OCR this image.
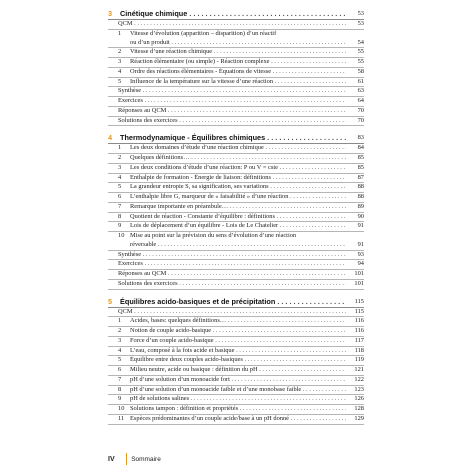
3	Cinétique chimique . . .	53
QCM . . .	53
1	Vitesse d’évolution (apparition – disparition) d’un réactif
ou d’un produit . . .	54
2	Vitesse d’une réaction chimique . . .	55
3	Réaction élémentaire (ou simple) - Réaction complexe . . .	55
4	Ordre des réactions élémentaires - Équations de vitesse . . .	58
5	Influence de la température sur la vitesse d’une réaction . . .	61
Synthèse . . .	63
Exercices . . .	64
Réponses au QCM . . .	70
Solutions des exercices . . .	70
4	Thermodynamique - Équilibres chimiques . . .	83
1	Les deux domaines d’étude d’une réaction chimique . . .	84
2	Quelques définitions… . . .	85
3	Les deux conditions d’étude d’une réaction: P ou V = cste . . .	85
4	Enthalpie de formation - Énergie de liaison: définitions . . .	87
5	La grandeur entropie S, sa signification, ses variations . . .	88
6	L’enthalpie libre G, marqueur de « faisabilité » d’une réaction . . .	88
7	Remarque importante en préambule… . . .	89
8	Quotient de réaction - Constante d’équilibre : définitions . . .	90
9	Lois de déplacement d’un équilibre - Lois de Le Chatelier . . .	91
10 Mise au point sur la prévision du sens d’évolution d’une réaction
réversable . . .	91
Synthèse . . .	93
Exercices . . .	94
Réponses au QCM . . .	101
Solutions des exercices . . .	101
5	Équilibres acido-basiques et de précipitation . . .	115
QCM . . .	115
1	Acides, bases: quelques définitions… . . .	116
2	Notion de couple acido-basique . . .	116
3	Force d’un couple acido-basique . . .	117
4	L’eau, composé à la fois acide et basique . . .	118
5	Équilibre entre deux couples acido-basiques . . .	119
6	Milieu neutre, acide ou basique : définition du pH . . .	121
7	pH d’une solution d’un monoacide fort . . .	122
8	pH d’une solution d’un monoacide faible et d’une monobase faible . . .	123
9	pH de solutions salines . . .	126
10 Solutions tampon : définition et propriétés . . .	128
11 Espèces prédominantes d’un couple acide/base à un pH donné . . .	129
IV	Sommaire
